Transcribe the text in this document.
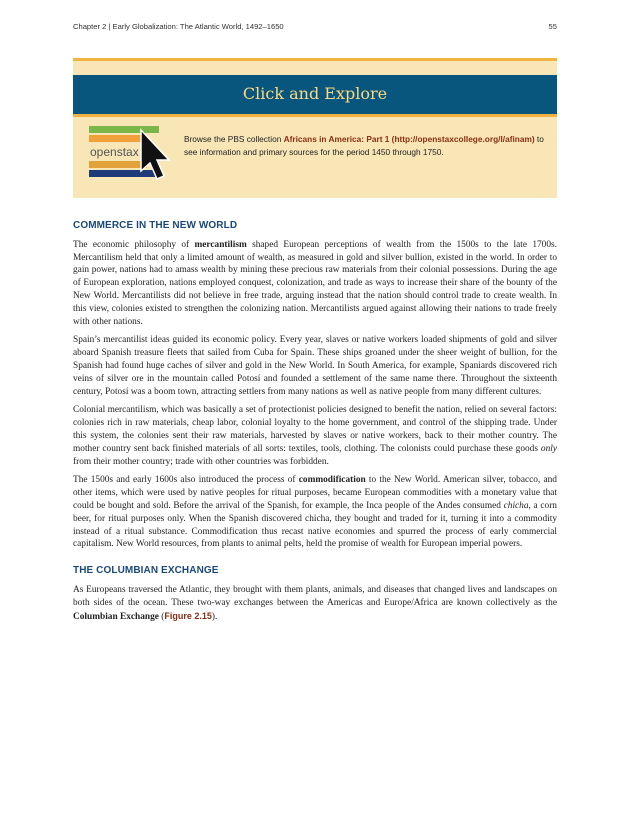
Chapter 2 | Early Globalization: The Atlantic World, 1492–1650	55
Click and Explore
openstax
Browse the PBS collection Africans in America: Part 1 (http://openstaxcollege.org/l/afinam) to see information and primary sources for the period 1450 through 1750.
COMMERCE IN THE NEW WORLD

The economic philosophy of mercantilism shaped European perceptions of wealth from the 1500s to the late 1700s. Mercantilism held that only a limited amount of wealth, as measured in gold and silver bullion, existed in the world. In order to gain power, nations had to amass wealth by mining these precious raw materials from their colonial possessions. During the age of European exploration, nations employed conquest, colonization, and trade as ways to increase their share of the bounty of the New World. Mercantilists did not believe in free trade, arguing instead that the nation should control trade to create wealth. In this view, colonies existed to strengthen the colonizing nation. Mercantilists argued against allowing their nations to trade freely with other nations.

Spain’s mercantilist ideas guided its economic policy. Every year, slaves or native workers loaded shipments of gold and silver aboard Spanish treasure fleets that sailed from Cuba for Spain. These ships groaned under the sheer weight of bullion, for the Spanish had found huge caches of silver and gold in the New World. In South America, for example, Spaniards discovered rich veins of silver ore in the mountain called Potosí and founded a settlement of the same name there. Throughout the sixteenth century, Potosí was a boom town, attracting settlers from many nations as well as native people from many different cultures.

Colonial mercantilism, which was basically a set of protectionist policies designed to benefit the nation, relied on several factors: colonies rich in raw materials, cheap labor, colonial loyalty to the home government, and control of the shipping trade. Under this system, the colonies sent their raw materials, harvested by slaves or native workers, back to their mother country. The mother country sent back finished materials of all sorts: textiles, tools, clothing. The colonists could purchase these goods only from their mother country; trade with other countries was forbidden.

The 1500s and early 1600s also introduced the process of commodification to the New World. American silver, tobacco, and other items, which were used by native peoples for ritual purposes, became European commodities with a monetary value that could be bought and sold. Before the arrival of the Spanish, for example, the Inca people of the Andes consumed chicha, a corn beer, for ritual purposes only. When the Spanish discovered chicha, they bought and traded for it, turning it into a commodity instead of a ritual substance. Commodification thus recast native economies and spurred the process of early commercial capitalism. New World resources, from plants to animal pelts, held the promise of wealth for European imperial powers.

THE COLUMBIAN EXCHANGE

As Europeans traversed the Atlantic, they brought with them plants, animals, and diseases that changed lives and landscapes on both sides of the ocean. These two-way exchanges between the Americas and Europe/Africa are known collectively as the Columbian Exchange (Figure 2.15).
